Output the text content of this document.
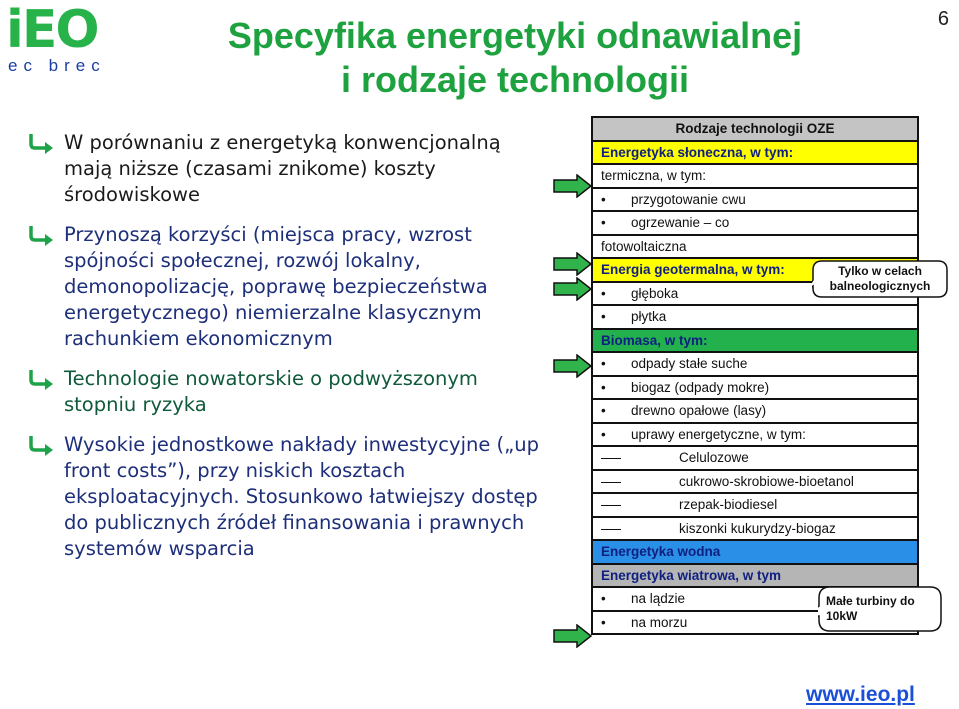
iEO
ec brec
6
Specyfika energetyki odnawialnej
i rodzaje technologii
W porównaniu z energetyką konwencjonalną mają niższe (czasami znikome) koszty środowiskowe
Przynoszą korzyści (miejsca pracy, wzrost spójności społecznej, rozwój lokalny, demonopolizację, poprawę bezpieczeństwa energetycznego) niemierzalne klasycznym rachunkiem ekonomicznym
Technologie nowatorskie o podwyższonym stopniu ryzyka
Wysokie jednostkowe nakłady inwestycyjne („up front costs”), przy niskich kosztach eksploatacyjnych. Stosunkowo łatwiejszy dostęp do publicznych źródeł finansowania i prawnych systemów wsparcia
Rodzaje technologii OZE
Energetyka słoneczna, w tym:
termiczna, w tym:
• przygotowanie cwu
• ogrzewanie – co
fotowoltaiczna
Energia geotermalna, w tym:
• głęboka
• płytka
Biomasa, w tym:
• odpady stałe suche
• biogaz (odpady mokre)
• drewno opałowe (lasy)
• uprawy energetyczne, w tym:
Celulozowe
cukrowo-skrobiowe-bioetanol
rzepak-biodiesel
kiszonki kukurydzy-biogaz
Energetyka wodna
Energetyka wiatrowa, w tym
• na lądzie
• na morzu
Tylko w celach balneologicznych
Małe turbiny do 10kW
www.ieo.pl
